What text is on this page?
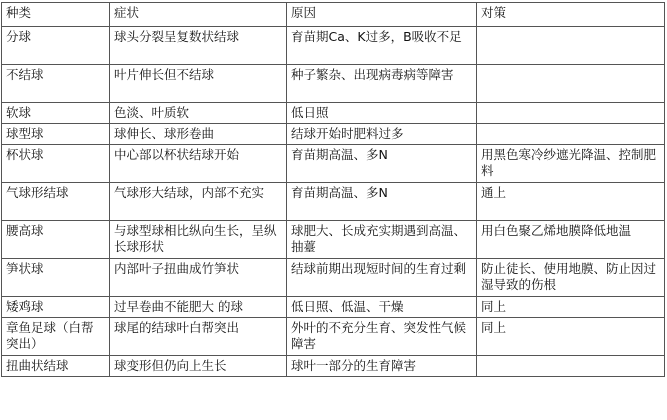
种类	症状	原因	对策
分球	球头分裂呈复数状结球	育苗期Ca、K过多，B吸收不足	
不结球	叶片伸长但不结球	种子繁杂、出现病毒病等障害	
软球	色淡、叶质软	低日照	
球型球	球伸长、球形卷曲	结球开始时肥料过多	
杯状球	中心部以杯状结球开始	育苗期高温、多N	用黑色寒冷纱遮光降温、控制肥料
气球形结球	气球形大结球，内部不充实	育苗期高温、多N	通上
腰高球	与球型球相比纵向生长，呈纵长球形状	球肥大、长成充实期遇到高温、抽薹	用白色聚乙烯地膜降低地温
笋状球	内部叶子扭曲成竹笋状	结球前期出现短时间的生育过剩	防止徒长、使用地膜、防止因过湿导致的伤根
矮鸡球	过早卷曲不能肥大 的球	低日照、低温、干燥	同上
章鱼足球（白帮突出）	球尾的结球叶白帮突出	外叶的不充分生育、突发性气候障害	同上
扭曲状结球	球变形但仍向上生长	球叶一部分的生育障害	
